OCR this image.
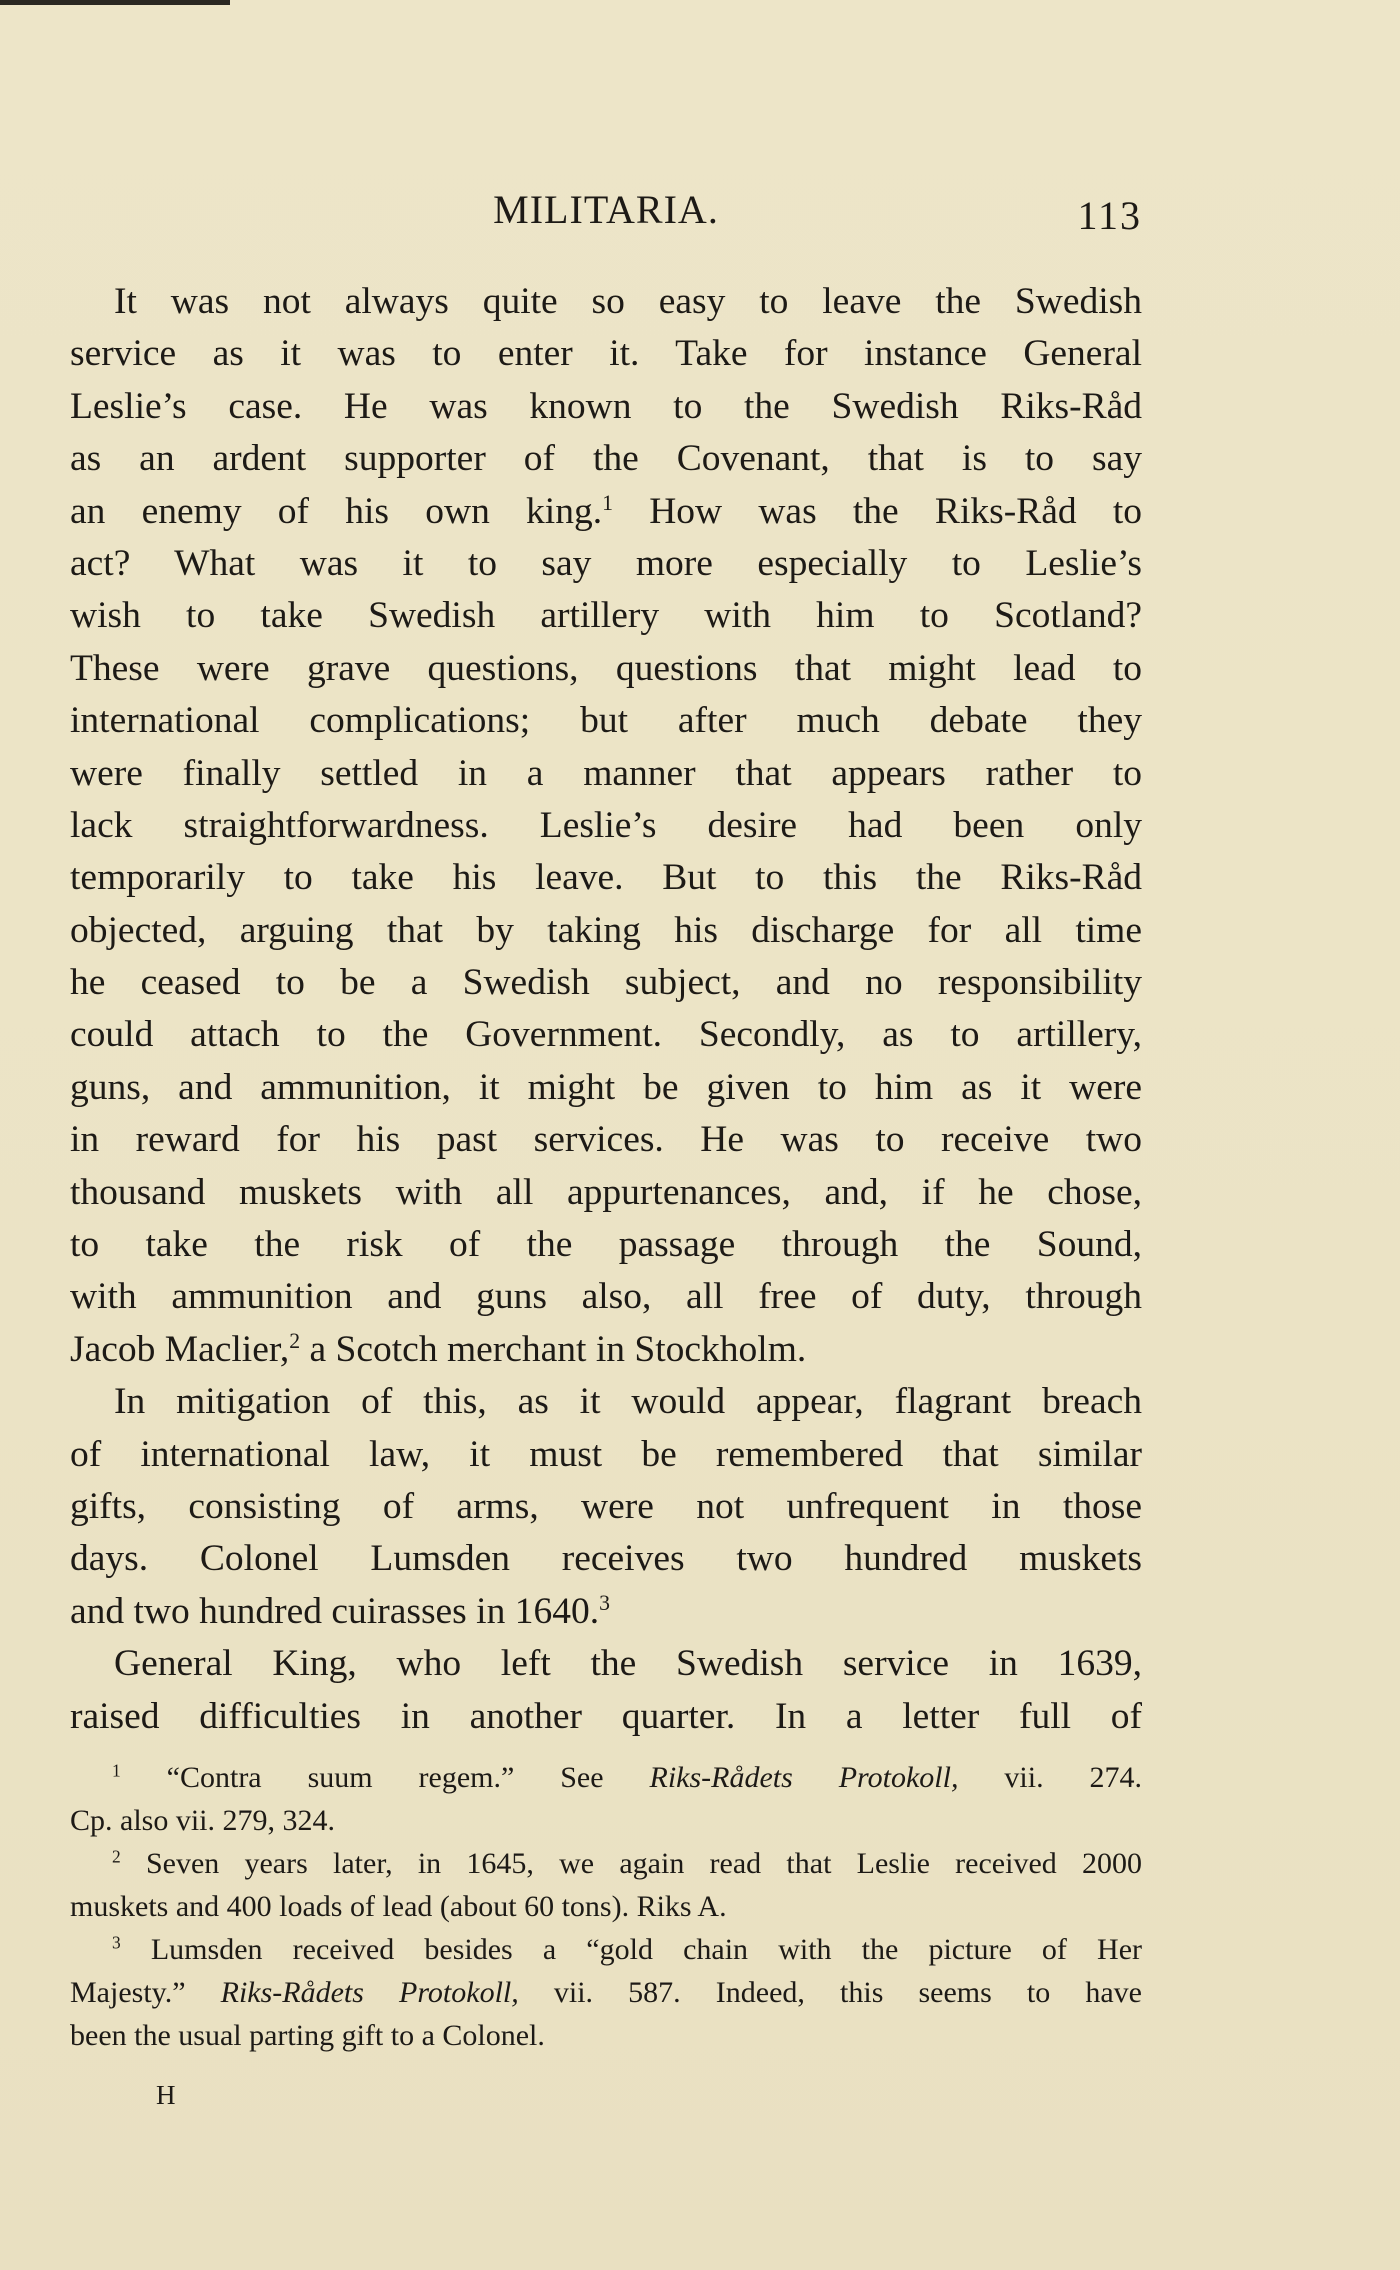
MILITARIA.	113
It was not always quite so easy to leave the Swedish
service as it was to enter it. Take for instance General
Leslie’s case. He was known to the Swedish Riks-Råd
as an ardent supporter of the Covenant, that is to say
an enemy of his own king.$^1$ How was the Riks-Råd to
act? What was it to say more especially to Leslie’s
wish to take Swedish artillery with him to Scotland?
These were grave questions, questions that might lead to
international complications; but after much debate they
were finally settled in a manner that appears rather to
lack straightforwardness. Leslie’s desire had been only
temporarily to take his leave. But to this the Riks-Råd
objected, arguing that by taking his discharge for all time
he ceased to be a Swedish subject, and no responsibility
could attach to the Government. Secondly, as to artillery,
guns, and ammunition, it might be given to him as it were
in reward for his past services. He was to receive two
thousand muskets with all appurtenances, and, if he chose,
to take the risk of the passage through the Sound,
with ammunition and guns also, all free of duty, through
Jacob Maclier,$^2$ a Scotch merchant in Stockholm.
In mitigation of this, as it would appear, flagrant breach
of international law, it must be remembered that similar
gifts, consisting of arms, were not unfrequent in those
days. Colonel Lumsden receives two hundred muskets
and two hundred cuirasses in 1640.$^3$
General King, who left the Swedish service in 1639,
raised difficulties in another quarter. In a letter full of
$^1$ “Contra suum regem.” See Riks-Rådets Protokoll, vii. 274.
Cp. also vii. 279, 324.
$^2$ Seven years later, in 1645, we again read that Leslie received 2000
muskets and 400 loads of lead (about 60 tons). Riks A.
$^3$ Lumsden received besides a “gold chain with the picture of Her
Majesty.” Riks-Rådets Protokoll, vii. 587. Indeed, this seems to have
been the usual parting gift to a Colonel.
H
